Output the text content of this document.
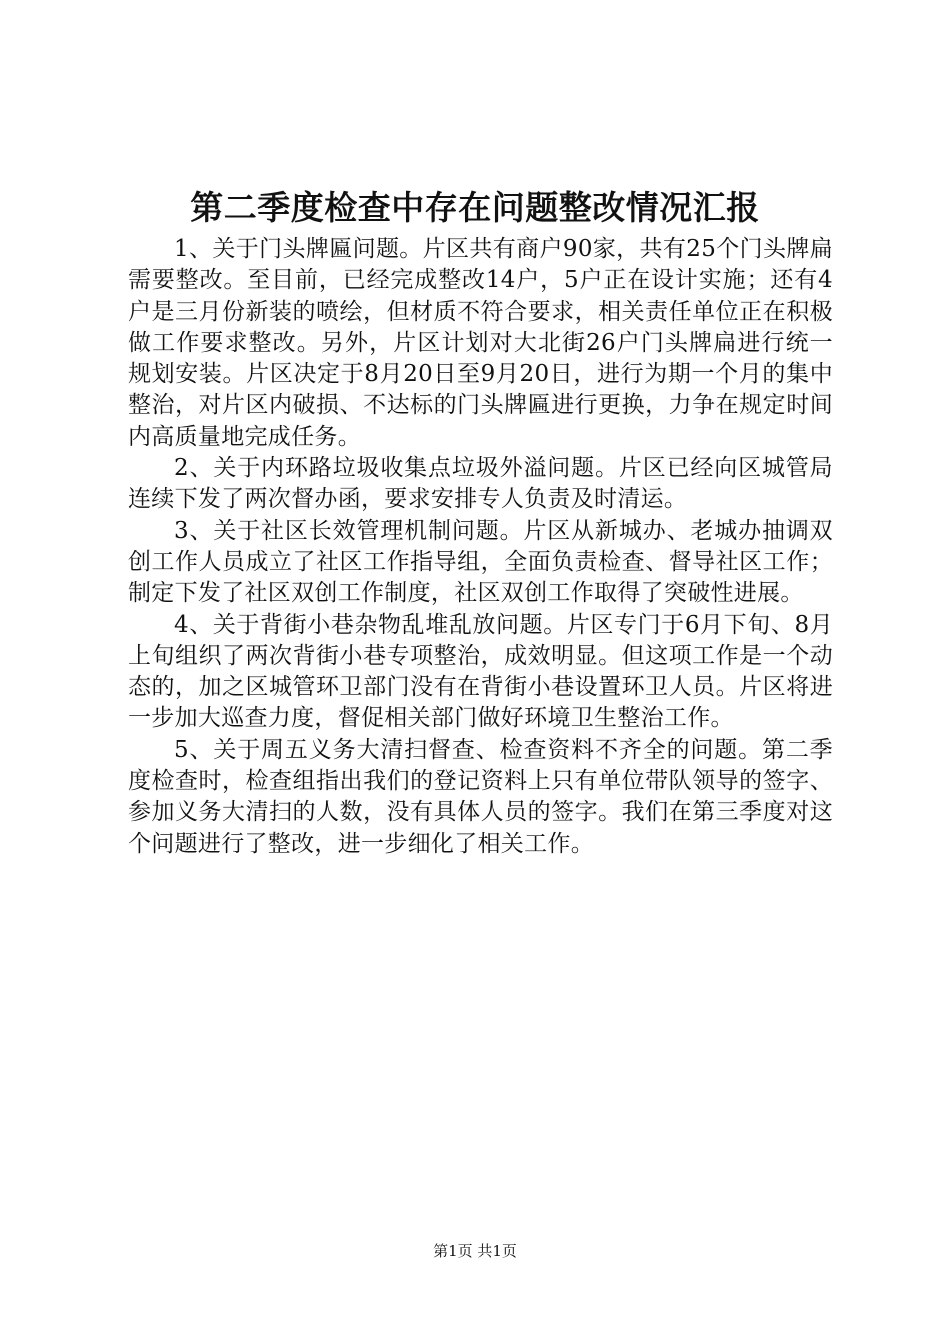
第二季度检查中存在问题整改情况汇报

1、关于门头牌匾问题。片区共有商户90家，共有25个门头牌扁需要整改。至目前，已经完成整改14户，5户正在设计实施；还有4户是三月份新装的喷绘，但材质不符合要求，相关责任单位正在积极做工作要求整改。另外，片区计划对大北街26户门头牌扁进行统一规划安装。片区决定于8月20日至9月20日，进行为期一个月的集中整治，对片区内破损、不达标的门头牌匾进行更换，力争在规定时间内高质量地完成任务。

2、关于内环路垃圾收集点垃圾外溢问题。片区已经向区城管局连续下发了两次督办函，要求安排专人负责及时清运。

3、关于社区长效管理机制问题。片区从新城办、老城办抽调双创工作人员成立了社区工作指导组，全面负责检查、督导社区工作；制定下发了社区双创工作制度，社区双创工作取得了突破性进展。

4、关于背街小巷杂物乱堆乱放问题。片区专门于6月下旬、8月上旬组织了两次背街小巷专项整治，成效明显。但这项工作是一个动态的，加之区城管环卫部门没有在背街小巷设置环卫人员。片区将进一步加大巡查力度，督促相关部门做好环境卫生整治工作。

5、关于周五义务大清扫督查、检查资料不齐全的问题。第二季度检查时，检查组指出我们的登记资料上只有单位带队领导的签字、参加义务大清扫的人数，没有具体人员的签字。我们在第三季度对这个问题进行了整改，进一步细化了相关工作。

第1页 共1页
